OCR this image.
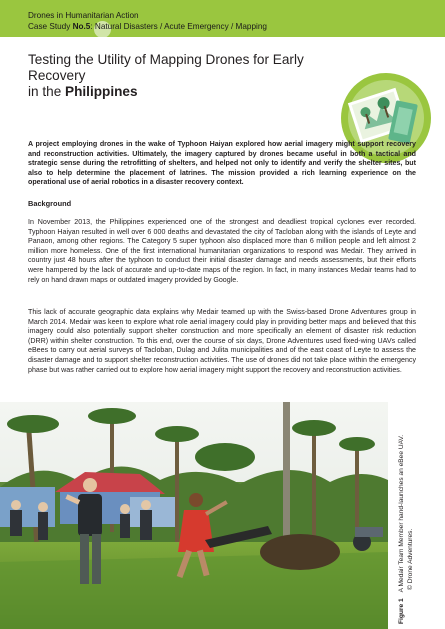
Drones in Humanitarian Action
Case Study No.5: Natural Disasters / Acute Emergency / Mapping
Testing the Utility of Mapping Drones for Early Recovery
in the Philippines
A project employing drones in the wake of Typhoon Haiyan explored how aerial imagery might support recovery and reconstruction activities. Ultimately, the imagery captured by drones became useful in both a tactical and strategic sense during the retrofitting of shelters, and helped not only to identify and verify the shelter sites, but also to help determine the placement of latrines. The mission provided a rich learning experience on the operational use of aerial robotics in a disaster recovery context.
Background
In November 2013, the Philippines experienced one of the strongest and deadliest tropical cyclones ever recorded. Typhoon Haiyan resulted in well over 6 000 deaths and devastated the city of Tacloban along with the islands of Leyte and Panaon, among other regions. The Category 5 super typhoon also displaced more than 6 million people and left almost 2 million more homeless. One of the first international humanitarian organizations to respond was Medair. They arrived in country just 48 hours after the typhoon to conduct their initial disaster damage and needs assessments, but their efforts were hampered by the lack of accurate and up-to-date maps of the region. In fact, in many instances Medair teams had to rely on hand drawn maps or outdated imagery provided by Google.
This lack of accurate geographic data explains why Medair teamed up with the Swiss-based Drone Adventures group in March 2014. Medair was keen to explore what role aerial imagery could play in providing better maps and believed that this imagery could also potentially support shelter construction and more specifically an element of disaster risk reduction (DRR) within shelter construction. To this end, over the course of six days, Drone Adventures used fixed-wing UAVs called eBees to carry out aerial surveys of Tacloban, Dulag and Julita municipalities and of the east coast of Leyte to assess the disaster damage and to support shelter reconstruction activities. The use of drones did not take place within the emergency phase but was rather carried out to explore how aerial imagery might support the recovery and reconstruction activities.
Figure 1A Medair Team Member hand-launches an eBee UAV. © Drone Adventures.
